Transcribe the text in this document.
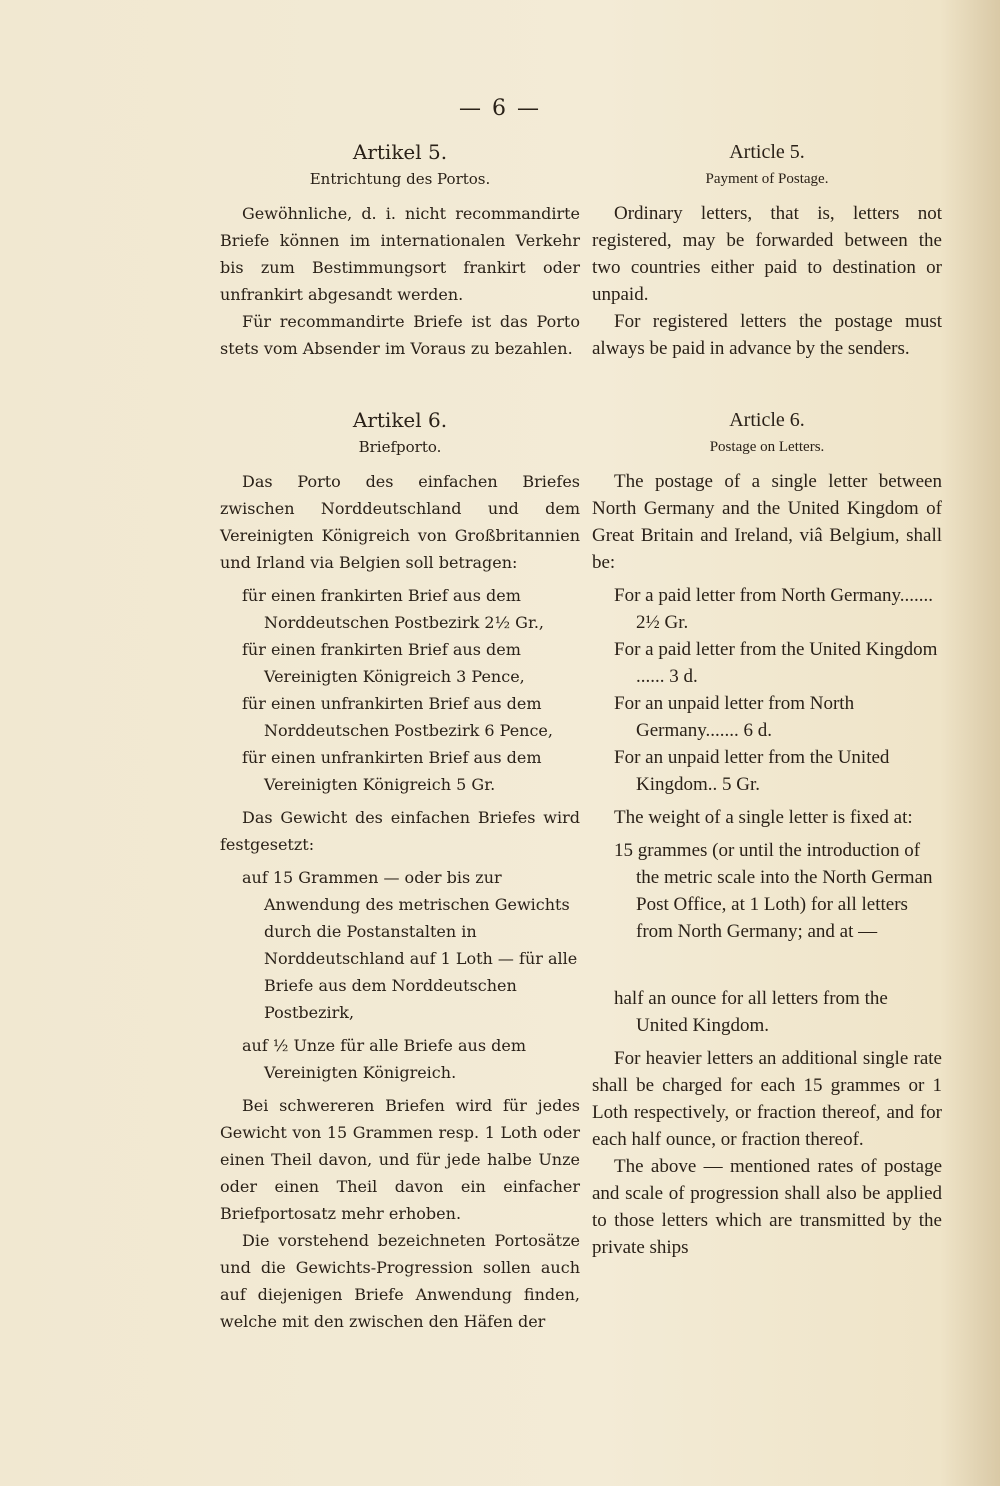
— 6 —
Artikel 5.
Entrichtung des Portos.

Gewöhnliche, d. i. nicht recommandirte Briefe können im internationalen Verkehr bis zum Bestimmungsort frankirt oder unfrankirt abgesandt werden.

Für recommandirte Briefe ist das Porto stets vom Absender im Voraus zu bezahlen.

Artikel 6.
Briefporto.

Das Porto des einfachen Briefes zwischen Norddeutschland und dem Vereinigten Königreich von Großbritannien und Irland via Belgien soll betragen:

für einen frankirten Brief aus dem Norddeutschen Postbezirk 2½ Gr.,

für einen frankirten Brief aus dem Vereinigten Königreich 3 Pence,

für einen unfrankirten Brief aus dem Norddeutschen Postbezirk 6 Pence,

für einen unfrankirten Brief aus dem Vereinigten Königreich 5 Gr.

Das Gewicht des einfachen Briefes wird festgesetzt:

auf 15 Grammen — oder bis zur Anwendung des metrischen Gewichts durch die Postanstalten in Norddeutschland auf 1 Loth — für alle Briefe aus dem Norddeutschen Postbezirk,

auf ½ Unze für alle Briefe aus dem Vereinigten Königreich.

Bei schwereren Briefen wird für jedes Gewicht von 15 Grammen resp. 1 Loth oder einen Theil davon, und für jede halbe Unze oder einen Theil davon ein einfacher Briefportosatz mehr erhoben.

Die vorstehend bezeichneten Portosätze und die Gewichts-Progression sollen auch auf diejenigen Briefe Anwendung finden, welche mit den zwischen den Häfen der

Article 5.
Payment of Postage.

Ordinary letters, that is, letters not registered, may be forwarded between the two countries either paid to destination or unpaid.

For registered letters the postage must always be paid in advance by the senders.

Article 6.
Postage on Letters.

The postage of a single letter between North Germany and the United Kingdom of Great Britain and Ireland, viâ Belgium, shall be:

For a paid letter from North Germany....... 2½ Gr.

For a paid letter from the United Kingdom ...... 3 d.

For an unpaid letter from North Germany....... 6 d.

For an unpaid letter from the United Kingdom.. 5 Gr.

The weight of a single letter is fixed at:

15 grammes (or until the introduction of the metric scale into the North German Post Office, at 1 Loth) for all letters from North Germany; and at —

half an ounce for all letters from the United Kingdom.

For heavier letters an additional single rate shall be charged for each 15 grammes or 1 Loth respectively, or fraction thereof, and for each half ounce, or fraction thereof.

The above — mentioned rates of postage and scale of progression shall also be applied to those letters which are transmitted by the private ships
